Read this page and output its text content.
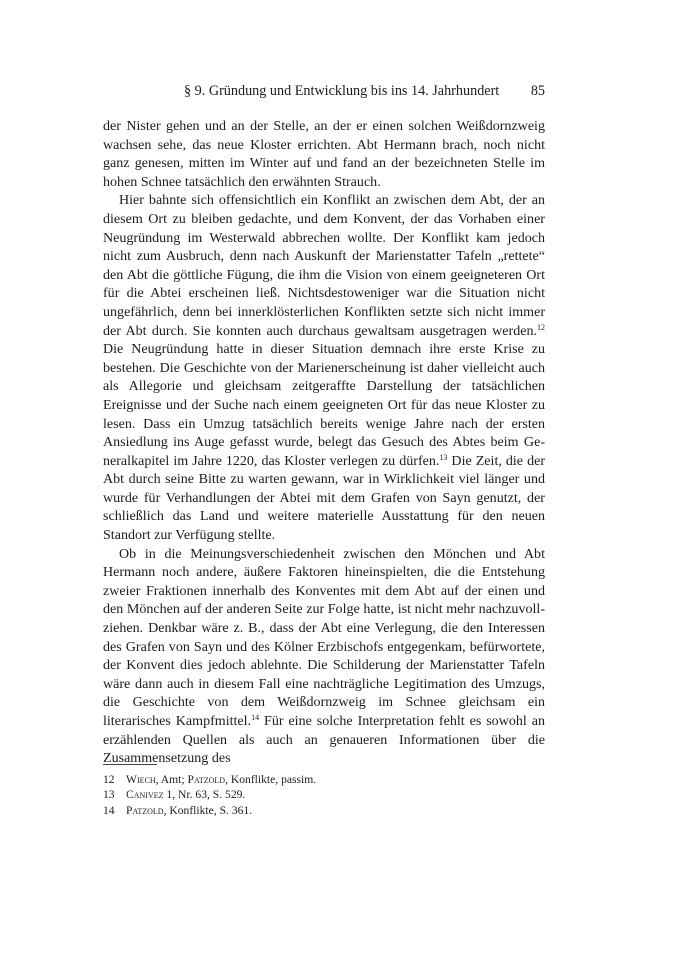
§ 9. Gründung und Entwicklung bis ins 14. Jahrhundert 85

der Nister gehen und an der Stelle, an der er einen solchen Weißdornzweig wachsen sehe, das neue Kloster errichten. Abt Hermann brach, noch nicht ganz genesen, mitten im Winter auf und fand an der bezeichneten Stelle im hohen Schnee tatsächlich den erwähnten Strauch.

Hier bahnte sich offensichtlich ein Konflikt an zwischen dem Abt, der an diesem Ort zu bleiben gedachte, und dem Konvent, der das Vorhaben einer Neugründung im Westerwald abbrechen wollte. Der Konflikt kam jedoch nicht zum Ausbruch, denn nach Auskunft der Marienstatter Tafeln „rettete“ den Abt die göttliche Fügung, die ihm die Vision von einem geeigneteren Ort für die Abtei erscheinen ließ. Nichtsdestoweniger war die Situation nicht ungefährlich, denn bei innerklösterlichen Konflikten setzte sich nicht immer der Abt durch. Sie konnten auch durchaus gewaltsam ausgetragen werden.$^{12}$ Die Neugründung hatte in dieser Situation demnach ihre erste Krise zu bestehen. Die Geschichte von der Marienerscheinung ist daher vielleicht auch als Allegorie und gleichsam zeitgeraffte Darstellung der tatsächlichen Ereignisse und der Suche nach einem geeigneten Ort für das neue Kloster zu lesen. Dass ein Umzug tatsächlich bereits wenige Jahre nach der ersten Ansiedlung ins Auge gefasst wurde, belegt das Gesuch des Abtes beim Generalkapitel im Jahre 1220, das Kloster verlegen zu dürfen.$^{13}$ Die Zeit, die der Abt durch seine Bitte zu warten gewann, war in Wirklichkeit viel länger und wurde für Verhandlungen der Abtei mit dem Grafen von Sayn genutzt, der schließlich das Land und weitere materielle Ausstattung für den neuen Standort zur Verfügung stellte.

Ob in die Meinungsverschiedenheit zwischen den Mönchen und Abt Hermann noch andere, äußere Faktoren hineinspielten, die die Entstehung zweier Fraktionen innerhalb des Konventes mit dem Abt auf der einen und den Mönchen auf der anderen Seite zur Folge hatte, ist nicht mehr nachzuvollziehen. Denkbar wäre z. B., dass der Abt eine Verlegung, die den Interessen des Grafen von Sayn und des Kölner Erzbischofs entgegenkam, befürwortete, der Konvent dies jedoch ablehnte. Die Schilderung der Marienstatter Tafeln wäre dann auch in diesem Fall eine nachträgliche Legitimation des Umzugs, die Geschichte von dem Weißdornzweig im Schnee gleichsam ein literarisches Kampfmittel.$^{14}$ Für eine solche Interpretation fehlt es sowohl an erzählenden Quellen als auch an genaueren Informationen über die Zusammensetzung des

12 Wiech, Amt; Patzold, Konflikte, passim.
13 Canivez 1, Nr. 63, S. 529.
14 Patzold, Konflikte, S. 361.
